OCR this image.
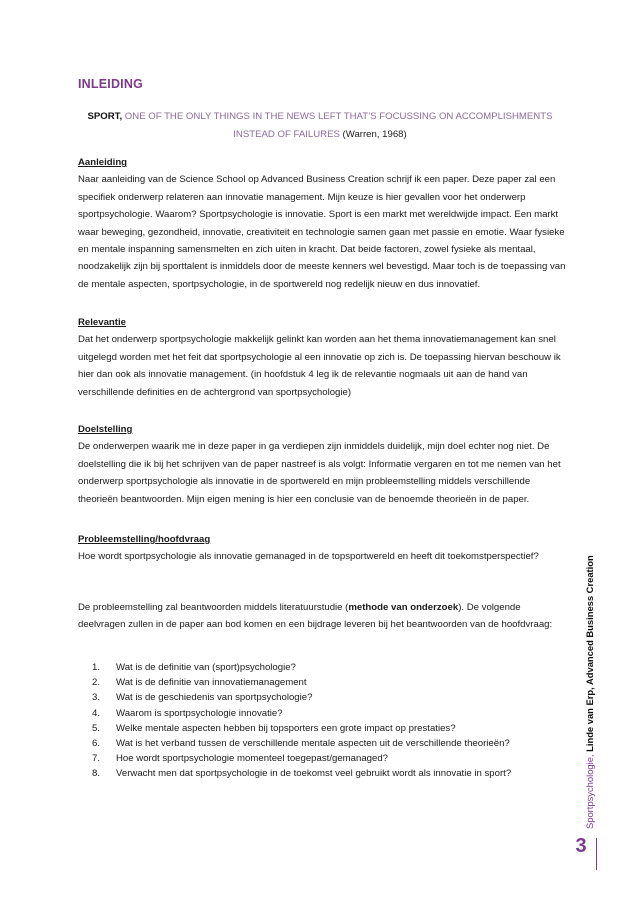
INLEIDING
SPORT, ONE OF THE ONLY THINGS IN THE NEWS LEFT THAT’S FOCUSSING ON ACCOMPLISHMENTS
INSTEAD OF FAILURES (Warren, 1968)
Aanleiding

Naar aanleiding van de Science School op Advanced Business Creation schrijf ik een paper. Deze paper zal een specifiek onderwerp relateren aan innovatie management. Mijn keuze is hier gevallen voor het onderwerp sportpsychologie. Waarom? Sportpsychologie is innovatie. Sport is een markt met wereldwijde impact. Een markt waar beweging, gezondheid, innovatie, creativiteit en technologie samen gaan met passie en emotie. Waar fysieke en mentale inspanning samensmelten en zich uiten in kracht. Dat beide factoren, zowel fysieke als mentaal, noodzakelijk zijn bij sporttalent is inmiddels door de meeste kenners wel bevestigd. Maar toch is de toepassing van de mentale aspecten, sportpsychologie, in de sportwereld nog redelijk nieuw en dus innovatief.

Relevantie

Dat het onderwerp sportpsychologie makkelijk gelinkt kan worden aan het thema innovatiemanagement kan snel uitgelegd worden met het feit dat sportpsychologie al een innovatie op zich is. De toepassing hiervan beschouw ik hier dan ook als innovatie management. (in hoofdstuk 4 leg ik de relevantie nogmaals uit aan de hand van verschillende definities en de achtergrond van sportpsychologie)

Doelstelling

De onderwerpen waarik me in deze paper in ga verdiepen zijn inmiddels duidelijk, mijn doel echter nog niet. De doelstelling die ik bij het schrijven van de paper nastreef is als volgt: Informatie vergaren en tot me nemen van het onderwerp sportpsychologie als innovatie in de sportwereld en mijn probleemstelling middels verschillende theorieën beantwoorden. Mijn eigen mening is hier een conclusie van de benoemde theorieën in de paper.

Probleemstelling/hoofdvraag

Hoe wordt sportpsychologie als innovatie gemanaged in de topsportwereld en heeft dit toekomstperspectief?

De probleemstelling zal beantwoorden middels literatuurstudie (methode van onderzoek). De volgende deelvragen zullen in de paper aan bod komen en een bijdrage leveren bij het beantwoorden van de hoofdvraag:

1. Wat is de definitie van (sport)psychologie?
2. Wat is de definitie van innovatiemanagement
3. Wat is de geschiedenis van sportpsychologie?
4. Waarom is sportpsychologie innovatie?
5. Welke mentale aspecten hebben bij topsporters een grote impact op prestaties?
6. Wat is het verband tussen de verschillende mentale aspecten uit de verschillende theorieën?
7. Hoe wordt sportpsychologie momenteel toegepast/gemanaged?
8. Verwacht men dat sportpsychologie in de toekomst veel gebruikt wordt als innovatie in sport?	Sportpsychologie, Linde van Erp, Advanced Business Creation
3
